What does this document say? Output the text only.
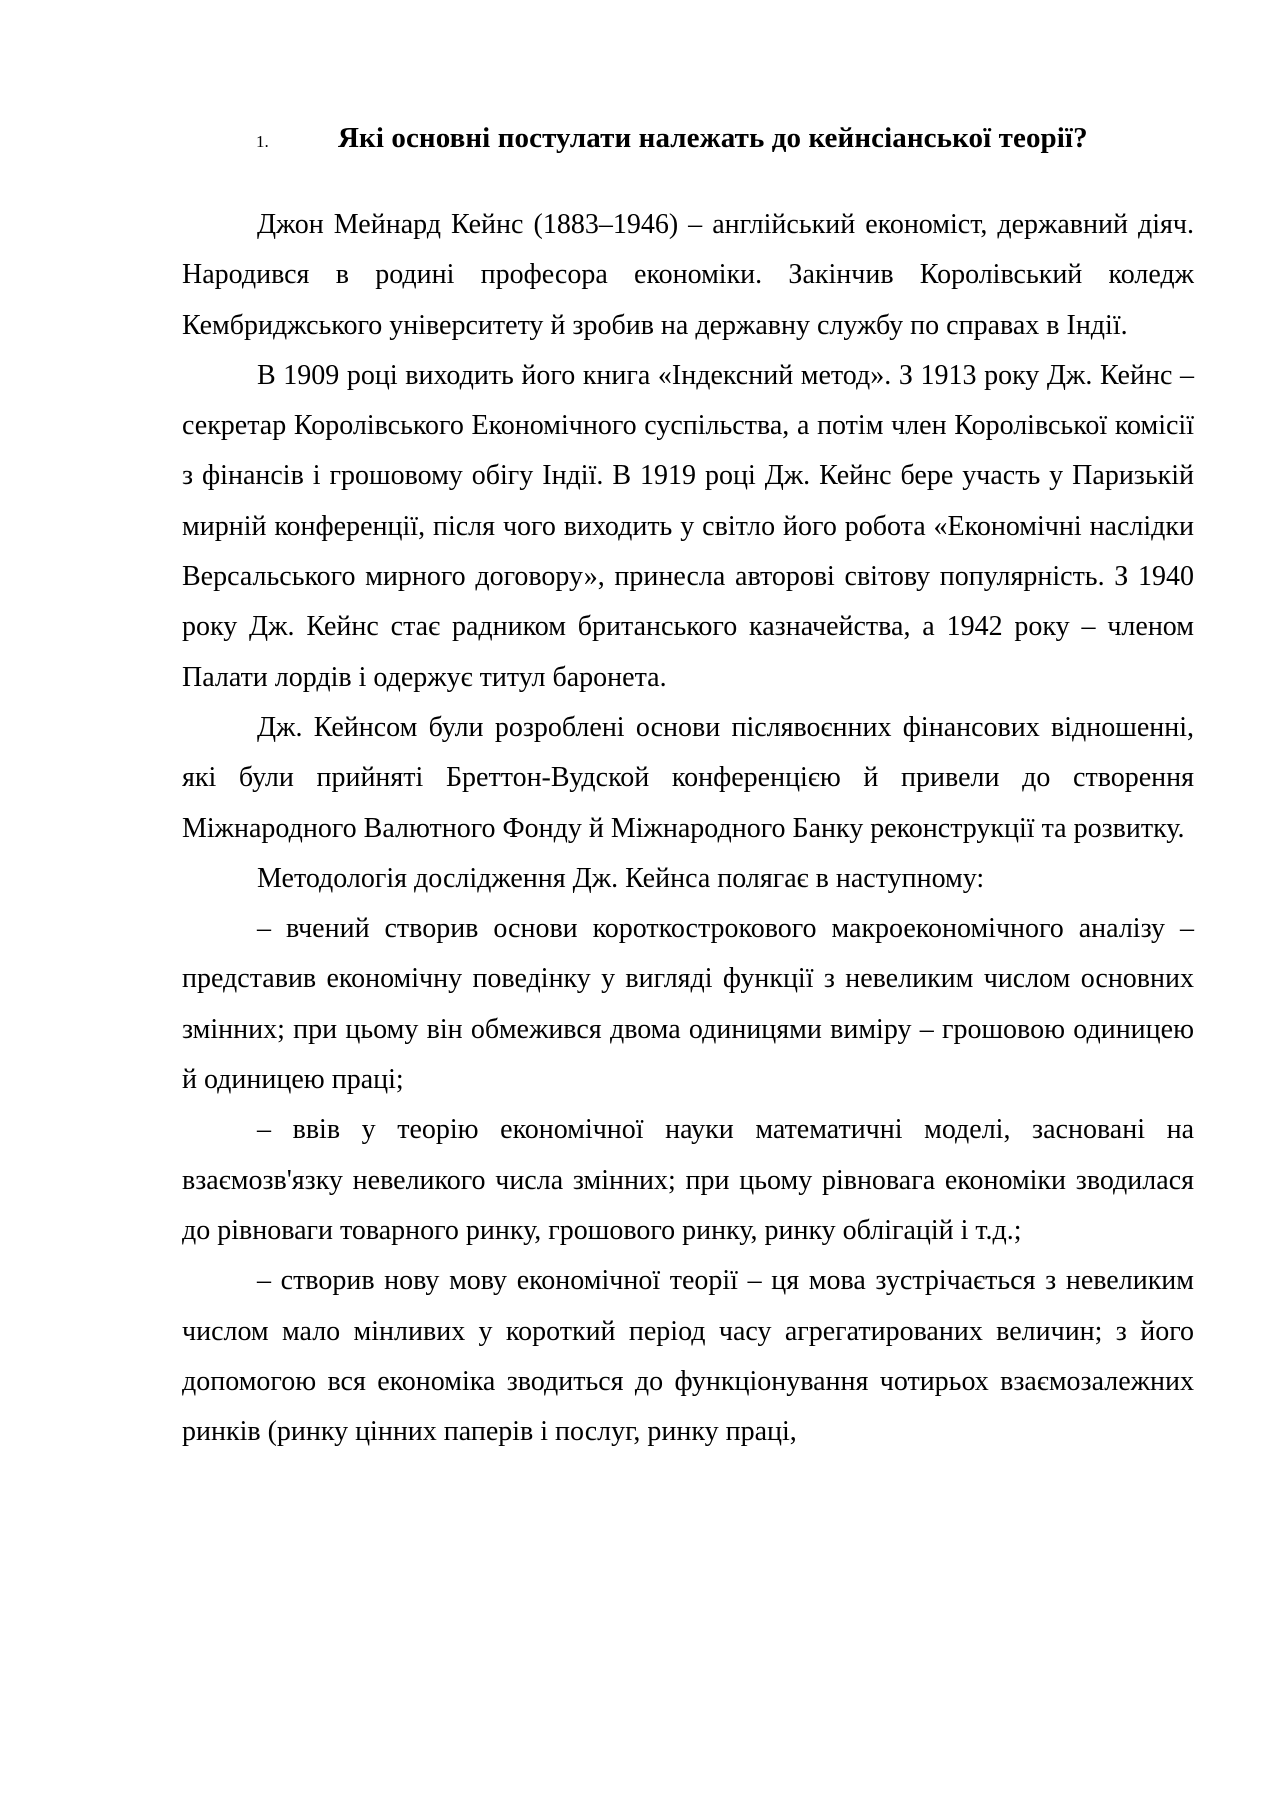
1.	Які основні постулати належать до кейнсіанської теорії?

Джон Мейнард Кейнс (1883–1946) – англійський економіст, державний діяч. Народився в родині професора економіки. Закінчив Королівський коледж Кембриджського університету й зробив на державну службу по справах в Індії.

В 1909 році виходить його книга «Індексний метод». З 1913 року Дж. Кейнс – секретар Королівського Економічного суспільства, а потім член Королівської комісії з фінансів і грошовому обігу Індії. В 1919 році Дж. Кейнс бере участь у Паризькій мирній конференції, після чого виходить у світло його робота «Економічні наслідки Версальського мирного договору», принесла авторові світову популярність. З 1940 року Дж. Кейнс стає радником британського казначейства, а 1942 року – членом Палати лордів і одержує титул баронета.

Дж. Кейнсом були розроблені основи післявоєнних фінансових відношенні, які були прийняті Бреттон-Вудской конференцією й привели до створення Міжнародного Валютного Фонду й Міжнародного Банку реконструкції та розвитку.

Методологія дослідження Дж. Кейнса полягає в наступному:

– вчений створив основи короткострокового макроекономічного аналізу – представив економічну поведінку у вигляді функції з невеликим числом основних змінних; при цьому він обмежився двома одиницями виміру – грошовою одиницею й одиницею праці;

– ввів у теорію економічної науки математичні моделі, засновані на взаємозв'язку невеликого числа змінних; при цьому рівновага економіки зводилася до рівноваги товарного ринку, грошового ринку, ринку облігацій і т.д.;

– створив нову мову економічної теорії – ця мова зустрічається з невеликим числом мало мінливих у короткий період часу агрегатированих величин; з його допомогою вся економіка зводиться до функціонування чотирьох взаємозалежних ринків (ринку цінних паперів і послуг, ринку праці,
